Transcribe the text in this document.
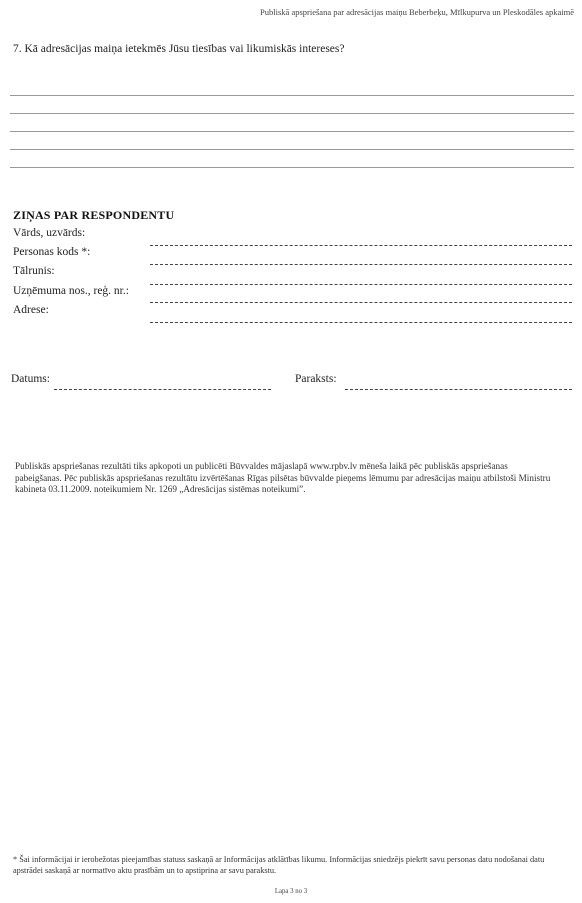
Publiskā apspriešana par adresācijas maiņu Beberbeķu, Mīlkupurva un Pleskodāles apkaimē
7. Kā adresācijas maiņa ietekmēs Jūsu tiesības vai likumiskās intereses?
ZIŅAS PAR RESPONDENTU
Vārds, uzvārds:
Personas kods *:
Tālrunis:
Uzņēmuma nos., reģ. nr.:
Adrese:
Datums:	Paraksts:
Publiskās apspriešanas rezultāti tiks apkopoti un publicēti Būvvaldes mājaslapā www.rpbv.lv mēneša laikā pēc publiskās apspriešanas pabeigšanas. Pēc publiskās apspriešanas rezultātu izvērtēšanas Rīgas pilsētas būvvalde pieņems lēmumu par adresācijas maiņu atbilstoši Ministru kabineta 03.11.2009. noteikumiem Nr. 1269 „Adresācijas sistēmas noteikumi”.
* Šai informācijai ir ierobežotas pieejamības statuss saskaņā ar Informācijas atklātības likumu. Informācijas sniedzējs piekrīt savu personas datu nodošanai datu apstrādei saskaņā ar normatīvo aktu prasībām un to apstiprina ar savu parakstu.
Lapa 3 no 3
